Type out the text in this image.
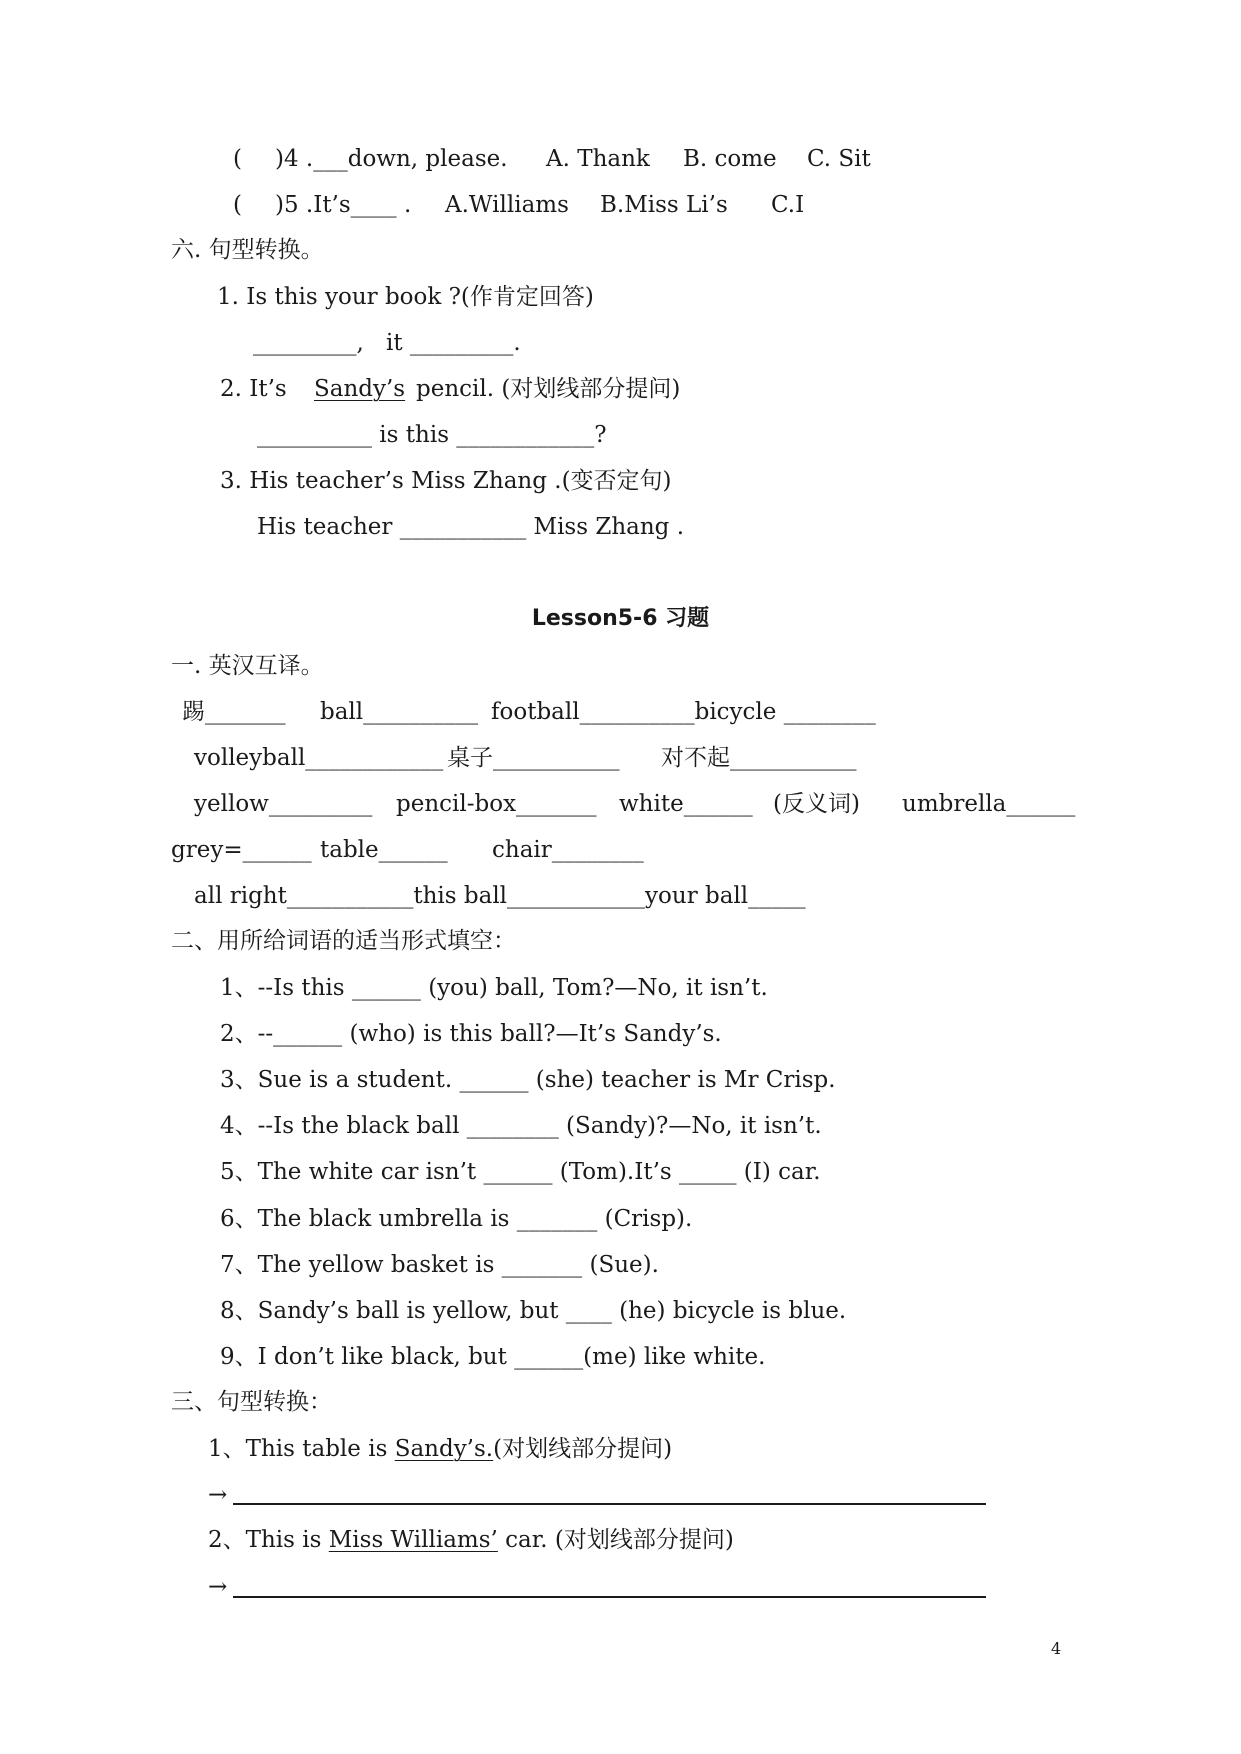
( )4 .___down, please. A. Thank B. come C. Sit
( )5 .It’s____ . A.Williams B.Miss Li’s C.I
六. 句型转换。
1. Is this your book ?(作肯定回答)
_________, it _________.
2. It’s Sandy’s pencil. (对划线部分提问)
__________ is this ____________?
3. His teacher’s Miss Zhang .(变否定句)
His teacher ___________ Miss Zhang .
Lesson5-6 习题
一. 英汉互译。
踢_______ ball__________ football__________bicycle ________
volleyball____________ 桌子___________ 对不起___________
yellow_________ pencil-box_______ white______ (反义词) umbrella______
grey=______ table______ chair________
all right___________this ball____________your ball_____
二、用所给词语的适当形式填空：
1、--Is this ______ (you) ball, Tom?—No, it isn’t.
2、--______ (who) is this ball?—It’s Sandy’s.
3、Sue is a student. ______ (she) teacher is Mr Crisp.
4、--Is the black ball ________ (Sandy)?—No, it isn’t.
5、The white car isn’t ______ (Tom).It’s _____ (I) car.
6、The black umbrella is _______ (Crisp).
7、The yellow basket is _______ (Sue).
8、Sandy’s ball is yellow, but ____ (he) bicycle is blue.
9、I don’t like black, but ______(me) like white.
三、句型转换：
1、This table is Sandy’s.(对划线部分提问)
→
2、This is Miss Williams’ car. (对划线部分提问)
→
4
